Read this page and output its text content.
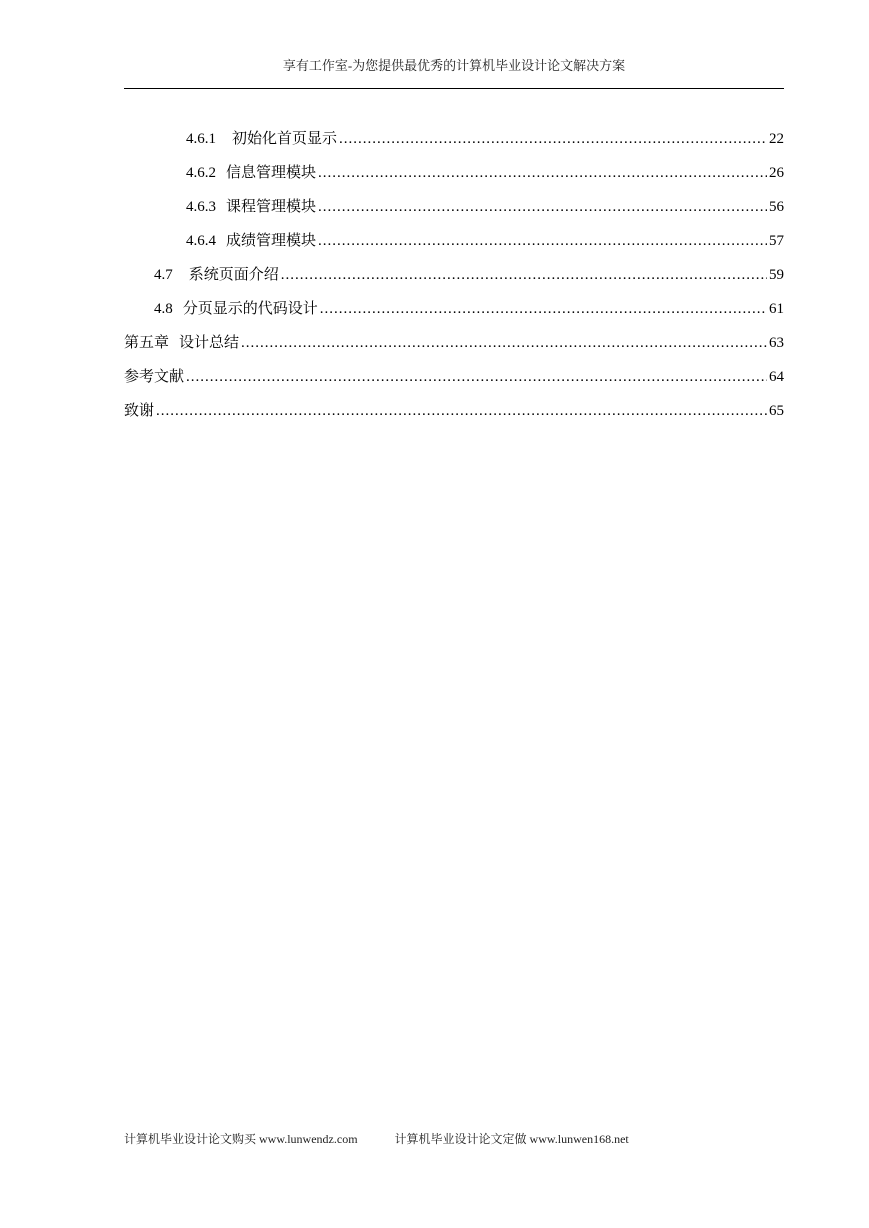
享有工作室-为您提供最优秀的计算机毕业设计论文解决方案
4.6.1 初始化首页显示 .....	22
4.6.2 信息管理模块 .....	26
4.6.3 课程管理模块 .....	56
4.6.4 成绩管理模块 .....	57
4.7 系统页面介绍 .....	59
4.8 分页显示的代码设计 .....	61
第五章 设计总结 .....	63
参考文献 .....	64
致谢 .....	65
计算机毕业设计论文购买 www.lunwendz.com	计算机毕业设计论文定做 www.lunwen168.net
